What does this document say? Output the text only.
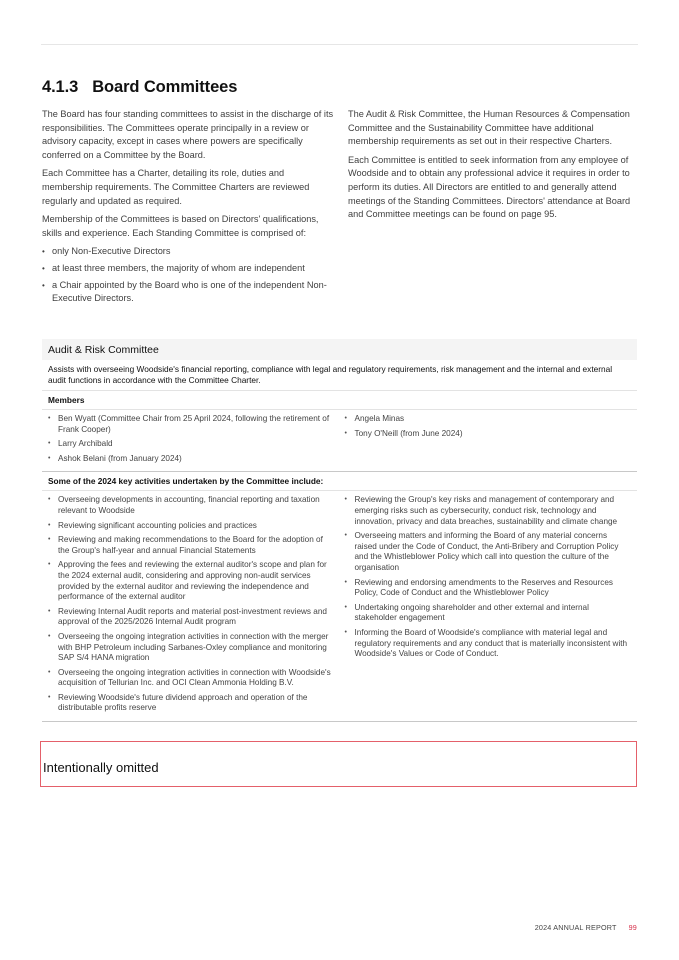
4.1.3 Board Committees

The Board has four standing committees to assist in the discharge of its responsibilities. The Committees operate principally in a review or advisory capacity, except in cases where powers are specifically conferred on a Committee by the Board.

Each Committee has a Charter, detailing its role, duties and membership requirements. The Committee Charters are reviewed regularly and updated as required.

Membership of the Committees is based on Directors' qualifications, skills and experience. Each Standing Committee is comprised of:

• only Non-Executive Directors
• at least three members, the majority of whom are independent
• a Chair appointed by the Board who is one of the independent Non-Executive Directors.

The Audit & Risk Committee, the Human Resources & Compensation Committee and the Sustainability Committee have additional membership requirements as set out in their respective Charters.

Each Committee is entitled to seek information from any employee of Woodside and to obtain any professional advice it requires in order to perform its duties. All Directors are entitled to and generally attend meetings of the Standing Committees. Directors' attendance at Board and Committee meetings can be found on page 95.

Audit & Risk Committee
Assists with overseeing Woodside's financial reporting, compliance with legal and regulatory requirements, risk management and the internal and external audit functions in accordance with the Committee Charter.
Members
• Ben Wyatt (Committee Chair from 25 April 2024, following the retirement of Frank Cooper)
• Larry Archibald
• Ashok Belani (from January 2024)
• Angela Minas
• Tony O'Neill (from June 2024)
Some of the 2024 key activities undertaken by the Committee include:
• Overseeing developments in accounting, financial reporting and taxation relevant to Woodside
• Reviewing significant accounting policies and practices
• Reviewing and making recommendations to the Board for the adoption of the Group's half-year and annual Financial Statements
• Approving the fees and reviewing the external auditor's scope and plan for the 2024 external audit, considering and approving non-audit services provided by the external auditor and reviewing the independence and performance of the external auditor
• Reviewing Internal Audit reports and material post-investment reviews and approval of the 2025/2026 Internal Audit program
• Overseeing the ongoing integration activities in connection with the merger with BHP Petroleum including Sarbanes-Oxley compliance and monitoring SAP S/4 HANA migration
• Overseeing the ongoing integration activities in connection with Woodside's acquisition of Tellurian Inc. and OCI Clean Ammonia Holding B.V.
• Reviewing Woodside's future dividend approach and operation of the distributable profits reserve
• Reviewing the Group's key risks and management of contemporary and emerging risks such as cybersecurity, conduct risk, technology and innovation, privacy and data breaches, sustainability and climate change
• Overseeing matters and informing the Board of any material concerns raised under the Code of Conduct, the Anti-Bribery and Corruption Policy and the Whistleblower Policy which call into question the culture of the organisation
• Reviewing and endorsing amendments to the Reserves and Resources Policy, Code of Conduct and the Whistleblower Policy
• Undertaking ongoing shareholder and other external and internal stakeholder engagement
• Informing the Board of Woodside's compliance with material legal and regulatory requirements and any conduct that is materially inconsistent with Woodside's Values or Code of Conduct.
Intentionally omitted
2024 ANNUAL REPORT 99
